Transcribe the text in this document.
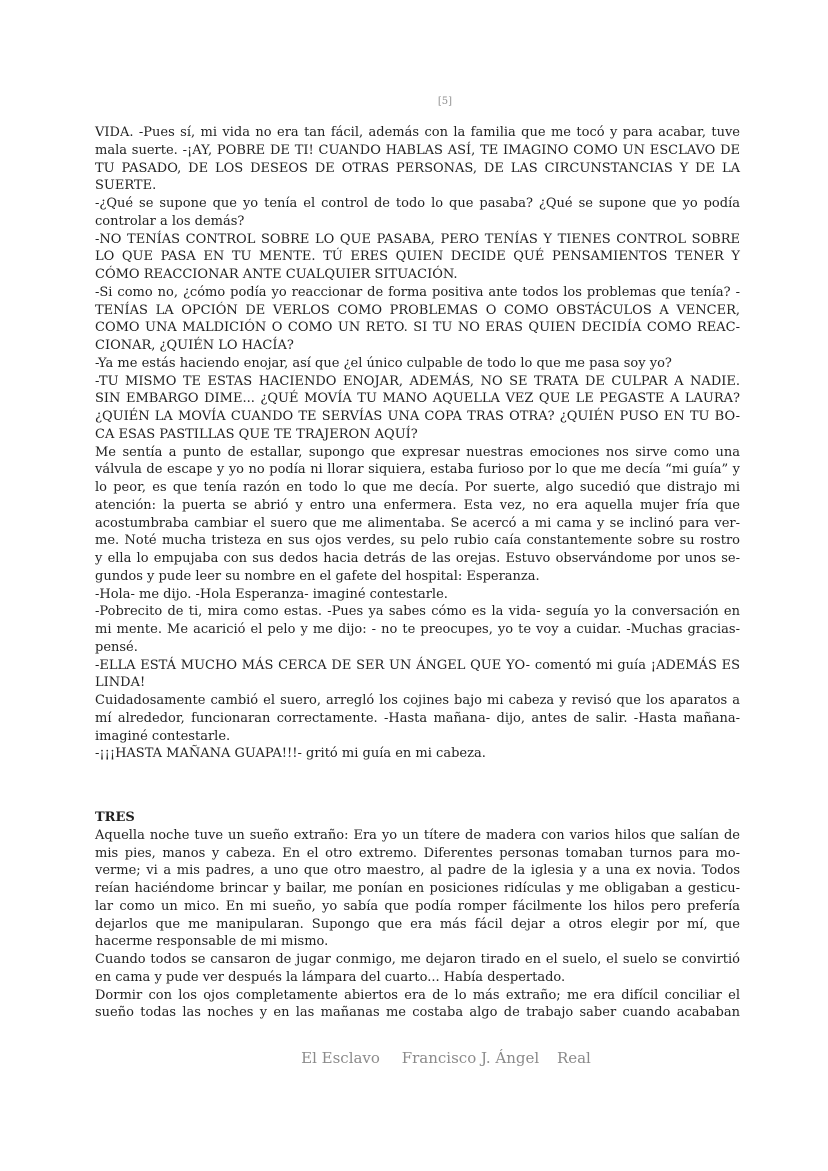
[5]
VIDA. -Pues sí, mi vida no era tan fácil, además con la familia que me tocó y para acabar, tuve
mala suerte. -¡AY, POBRE DE TI! CUANDO HABLAS ASÍ, TE IMAGINO COMO UN ESCLAVO DE
TU PASADO, DE LOS DESEOS DE OTRAS PERSONAS, DE LAS CIRCUNSTANCIAS Y DE LA
SUERTE.
-¿Qué se supone que yo tenía el control de todo lo que pasaba? ¿Qué se supone que yo podía
controlar a los demás?
-NO TENÍAS CONTROL SOBRE LO QUE PASABA, PERO TENÍAS Y TIENES CONTROL SOBRE
LO QUE PASA EN TU MENTE. TÚ ERES QUIEN DECIDE QUÉ PENSAMIENTOS TENER Y
CÓMO REACCIONAR ANTE CUALQUIER SITUACIÓN.
-Si como no, ¿cómo podía yo reaccionar de forma positiva ante todos los problemas que tenía? -
TENÍAS LA OPCIÓN DE VERLOS COMO PROBLEMAS O COMO OBSTÁCULOS A VENCER,
COMO UNA MALDICIÓN O COMO UN RETO. SI TU NO ERAS QUIEN DECIDÍA COMO REAC-
CIONAR, ¿QUIÉN LO HACÍA?
-Ya me estás haciendo enojar, así que ¿el único culpable de todo lo que me pasa soy yo?
-TU MISMO TE ESTAS HACIENDO ENOJAR, ADEMÁS, NO SE TRATA DE CULPAR A NADIE.
SIN EMBARGO DIME... ¿QUÉ MOVÍA TU MANO AQUELLA VEZ QUE LE PEGASTE A LAURA?
¿QUIÉN LA MOVÍA CUANDO TE SERVÍAS UNA COPA TRAS OTRA? ¿QUIÉN PUSO EN TU BO-
CA ESAS PASTILLAS QUE TE TRAJERON AQUÍ?
Me sentía a punto de estallar, supongo que expresar nuestras emociones nos sirve como una
válvula de escape y yo no podía ni llorar siquiera, estaba furioso por lo que me decía “mi guía” y
lo peor, es que tenía razón en todo lo que me decía. Por suerte, algo sucedió que distrajo mi
atención: la puerta se abrió y entro una enfermera. Esta vez, no era aquella mujer fría que
acostumbraba cambiar el suero que me alimentaba. Se acercó a mi cama y se inclinó para ver-
me. Noté mucha tristeza en sus ojos verdes, su pelo rubio caía constantemente sobre su rostro
y ella lo empujaba con sus dedos hacia detrás de las orejas. Estuvo observándome por unos se-
gundos y pude leer su nombre en el gafete del hospital: Esperanza.
-Hola- me dijo. -Hola Esperanza- imaginé contestarle.
-Pobrecito de ti, mira como estas. -Pues ya sabes cómo es la vida- seguía yo la conversación en
mi mente. Me acarició el pelo y me dijo: - no te preocupes, yo te voy a cuidar. -Muchas gracias-
pensé.
-ELLA ESTÁ MUCHO MÁS CERCA DE SER UN ÁNGEL QUE YO- comentó mi guía ¡ADEMÁS ES
LINDA!
Cuidadosamente cambió el suero, arregló los cojines bajo mi cabeza y revisó que los aparatos a
mí alrededor, funcionaran correctamente. -Hasta mañana- dijo, antes de salir. -Hasta mañana-
imaginé contestarle.
-¡¡¡HASTA MAÑANA GUAPA!!!- gritó mi guía en mi cabeza.
TRES
Aquella noche tuve un sueño extraño: Era yo un títere de madera con varios hilos que salían de
mis pies, manos y cabeza. En el otro extremo. Diferentes personas tomaban turnos para mo-
verme; vi a mis padres, a uno que otro maestro, al padre de la iglesia y a una ex novia. Todos
reían haciéndome brincar y bailar, me ponían en posiciones ridículas y me obligaban a gesticu-
lar como un mico. En mi sueño, yo sabía que podía romper fácilmente los hilos pero prefería
dejarlos que me manipularan. Supongo que era más fácil dejar a otros elegir por mí, que
hacerme responsable de mi mismo.
Cuando todos se cansaron de jugar conmigo, me dejaron tirado en el suelo, el suelo se convirtió
en cama y pude ver después la lámpara del cuarto... Había despertado.
Dormir con los ojos completamente abiertos era de lo más extraño; me era difícil conciliar el
sueño todas las noches y en las mañanas me costaba algo de trabajo saber cuando acababan
El Esclavo Francisco J. Ángel Real
